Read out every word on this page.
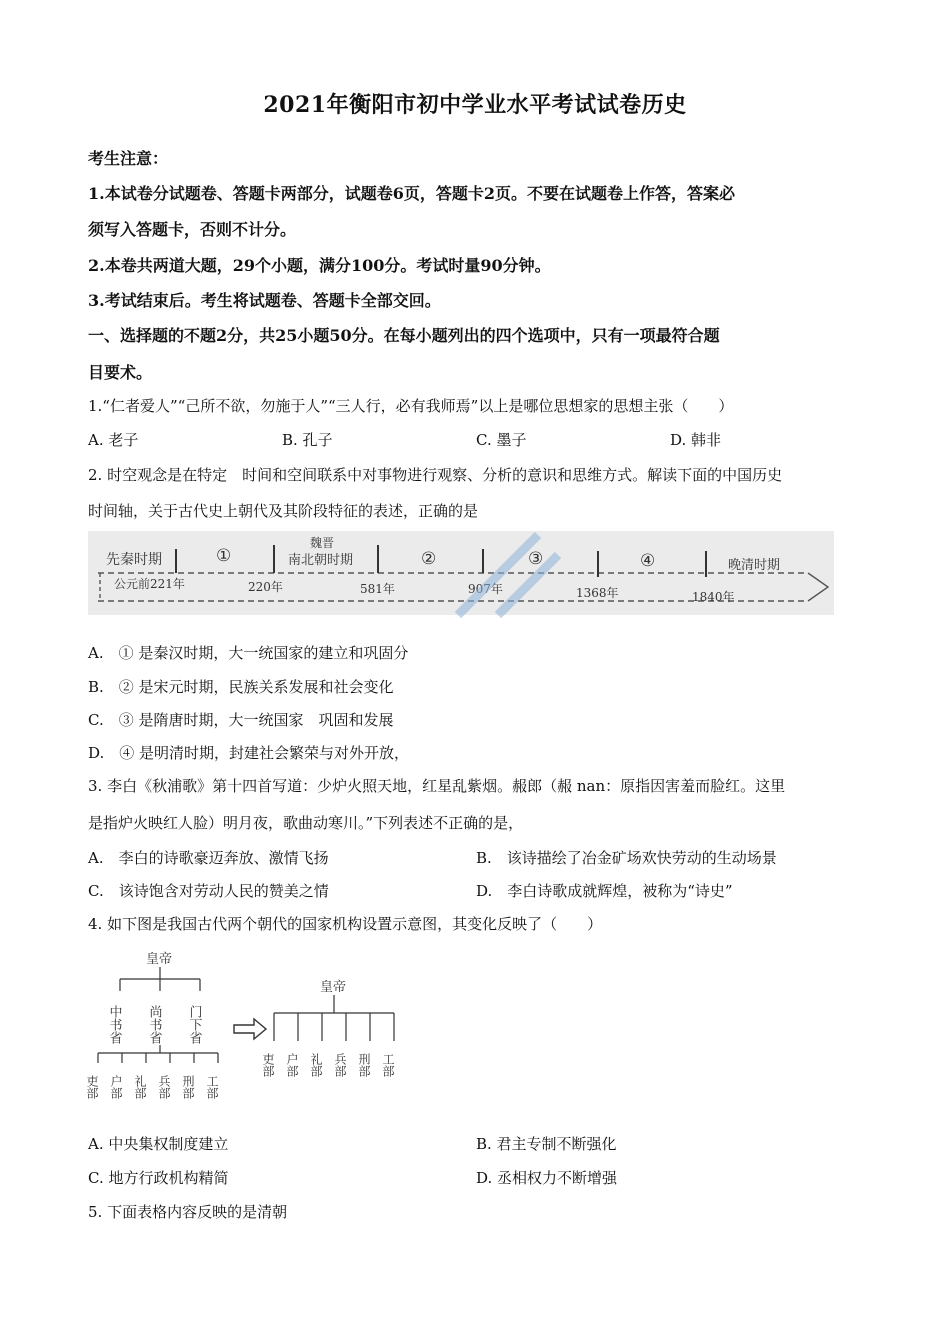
2021年衡阳市初中学业水平考试试卷历史
考生注意：
1.本试卷分试题卷、答题卡两部分，试题卷6页，答题卡2页。不要在试题卷上作答，答案必
须写入答题卡，否则不计分。
2.本卷共两道大题，29个小题，满分100分。考试时量90分钟。
3.考试结束后。考生将试题卷、答题卡全部交回。
一、选择题的不题2分，共25小题50分。在每小题列出的四个选项中，只有一项最符合题
目要术。
1.“仁者爱人”“己所不欲，勿施于人”“三人行，必有我师焉”以上是哪位思想家的思想主张（　　）
A. 老子	B. 孔子	C. 墨子	D. 韩非
2. 时空观念是在特定　时间和空间联系中对事物进行观察、分析的意识和思维方式。解读下面的中国历史
时间轴，关于古代史上朝代及其阶段特征的表述，正确的是
先秦时期	①
魏晋
南北朝时期	②	③	④	晚清时期
公元前221年	220年	581年	907年	1368年	1840年
A.　① 是秦汉时期，大一统国家的建立和巩固分
B.　② 是宋元时期，民族关系发展和社会变化
C.　③ 是隋唐时期，大一统国家　巩固和发展
D.　④ 是明清时期，封建社会繁荣与对外开放，
3. 李白《秋浦歌》第十四首写道：少炉火照天地，红星乱紫烟。赧郎（赧 nan：原指因害羞而脸红。这里
是指炉火映红人脸）明月夜，歌曲动寒川。”下列表述不正确的是，
A.　李白的诗歌豪迈奔放、激情飞扬	B.　该诗描绘了冶金矿场欢快劳动的生动场景
C.　该诗饱含对劳动人民的赞美之情	D.　李白诗歌成就辉煌，被称为“诗史”
4. 如下图是我国古代两个朝代的国家机构设置示意图，其变化反映了（　　）
皇帝
中书省 尚书省 门下省
吏部 户部 礼部 兵部 刑部 工部
皇帝
吏部 户部 礼部 兵部 刑部 工部
A. 中央集权制度建立	B. 君主专制不断强化
C. 地方行政机构精简	D. 丞相权力不断增强
5. 下面表格内容反映的是清朝
